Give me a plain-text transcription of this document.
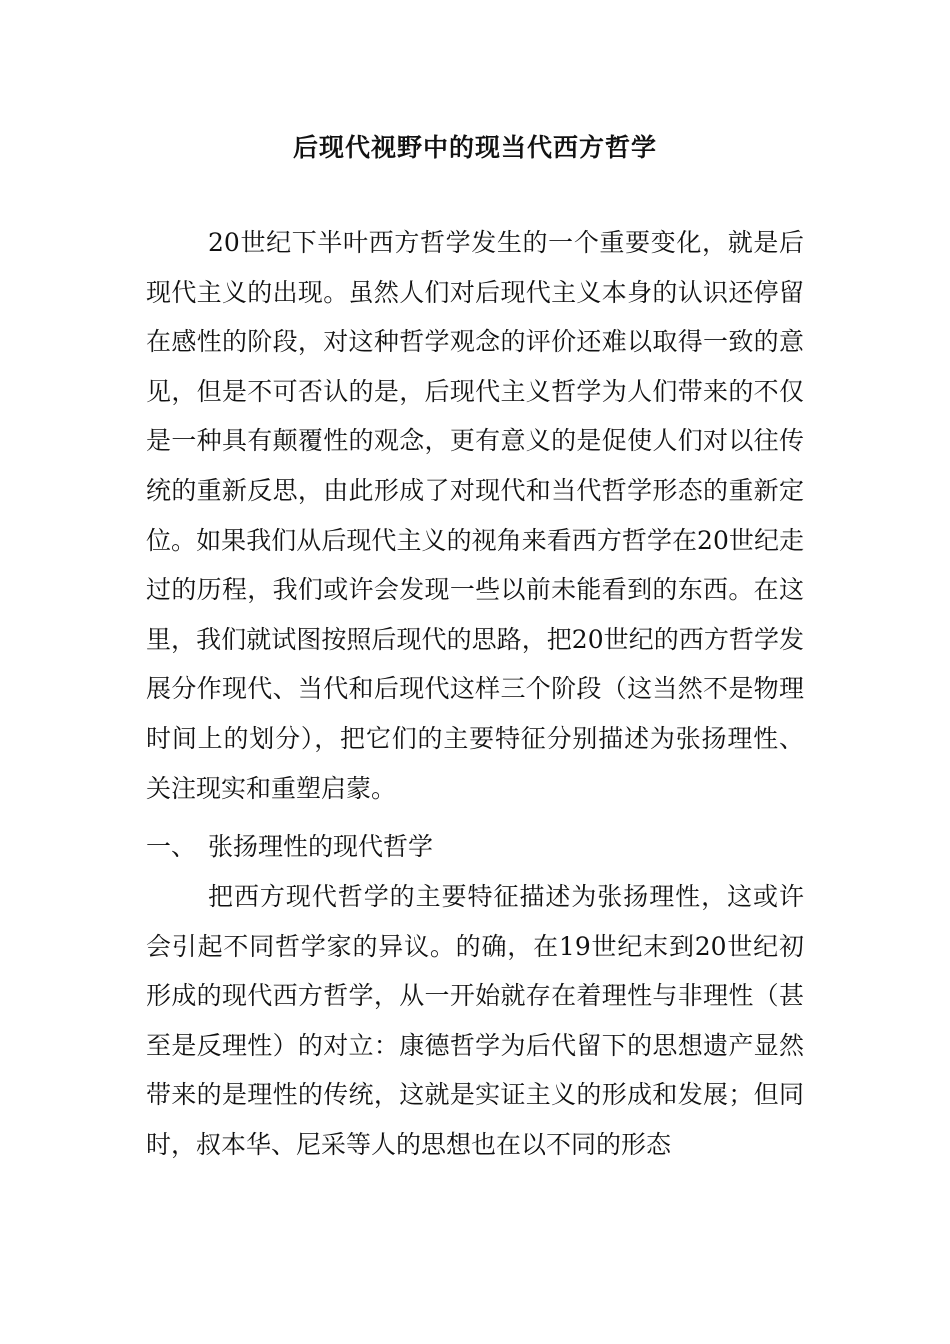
后现代视野中的现当代西方哲学

20世纪下半叶西方哲学发生的一个重要变化，就是后现代主义的出现。虽然人们对后现代主义本身的认识还停留在感性的阶段，对这种哲学观念的评价还难以取得一致的意见，但是不可否认的是，后现代主义哲学为人们带来的不仅是一种具有颠覆性的观念，更有意义的是促使人们对以往传统的重新反思，由此形成了对现代和当代哲学形态的重新定位。如果我们从后现代主义的视角来看西方哲学在20世纪走过的历程，我们或许会发现一些以前未能看到的东西。在这里，我们就试图按照后现代的思路，把20世纪的西方哲学发展分作现代、当代和后现代这样三个阶段（这当然不是物理时间上的划分），把它们的主要特征分别描述为张扬理性、关注现实和重塑启蒙。

一、 张扬理性的现代哲学

把西方现代哲学的主要特征描述为张扬理性，这或许会引起不同哲学家的异议。的确，在19世纪末到20世纪初形成的现代西方哲学，从一开始就存在着理性与非理性（甚至是反理性）的对立：康德哲学为后代留下的思想遗产显然带来的是理性的传统，这就是实证主义的形成和发展；但同时，叔本华、尼采等人的思想也在以不同的形态
